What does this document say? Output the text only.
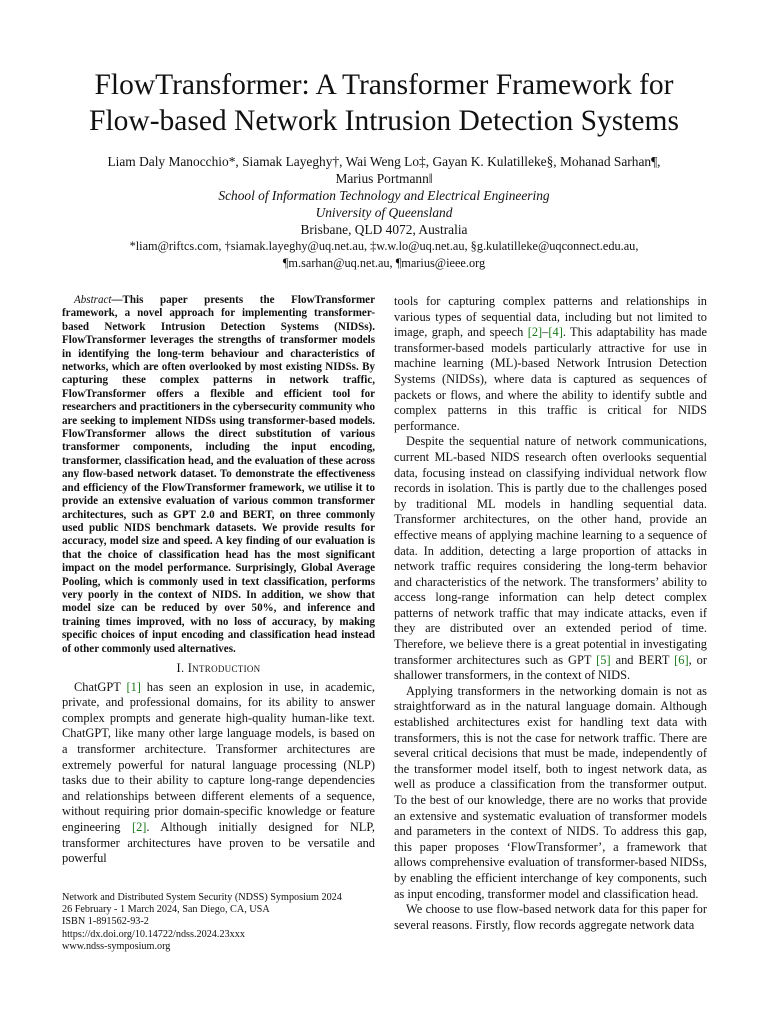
FlowTransformer: A Transformer Framework for
Flow-based Network Intrusion Detection Systems
Liam Daly Manocchio*, Siamak Layeghy†, Wai Weng Lo‡, Gayan K. Kulatilleke§, Mohanad Sarhan¶,
Marius Portmann‖
School of Information Technology and Electrical Engineering
University of Queensland
Brisbane, QLD 4072, Australia
*liam@riftcs.com, †siamak.layeghy@uq.net.au, ‡w.w.lo@uq.net.au, §g.kulatilleke@uqconnect.edu.au,
¶m.sarhan@uq.net.au, ¶marius@ieee.org

Abstract—This paper presents the FlowTransformer framework, a novel approach for implementing transformer-based Network Intrusion Detection Systems (NIDSs). FlowTransformer leverages the strengths of transformer models in identifying the long-term behaviour and characteristics of networks, which are often overlooked by most existing NIDSs. By capturing these complex patterns in network traffic, FlowTransformer offers a flexible and efficient tool for researchers and practitioners in the cybersecurity community who are seeking to implement NIDSs using transformer-based models. FlowTransformer allows the direct substitution of various transformer components, including the input encoding, transformer, classification head, and the evaluation of these across any flow-based network dataset. To demonstrate the effectiveness and efficiency of the FlowTransformer framework, we utilise it to provide an extensive evaluation of various common transformer architectures, such as GPT 2.0 and BERT, on three commonly used public NIDS benchmark datasets. We provide results for accuracy, model size and speed. A key finding of our evaluation is that the choice of classification head has the most significant impact on the model performance. Surprisingly, Global Average Pooling, which is commonly used in text classification, performs very poorly in the context of NIDS. In addition, we show that model size can be reduced by over 50%, and inference and training times improved, with no loss of accuracy, by making specific choices of input encoding and classification head instead of other commonly used alternatives.

I. Introduction

ChatGPT [1] has seen an explosion in use, in academic, private, and professional domains, for its ability to answer complex prompts and generate high-quality human-like text. ChatGPT, like many other large language models, is based on a transformer architecture. Transformer architectures are extremely powerful for natural language processing (NLP) tasks due to their ability to capture long-range dependencies and relationships between different elements of a sequence, without requiring prior domain-specific knowledge or feature engineering [2]. Although initially designed for NLP, transformer architectures have proven to be versatile and powerful

tools for capturing complex patterns and relationships in various types of sequential data, including but not limited to image, graph, and speech [2]–[4]. This adaptability has made transformer-based models particularly attractive for use in machine learning (ML)-based Network Intrusion Detection Systems (NIDSs), where data is captured as sequences of packets or flows, and where the ability to identify subtle and complex patterns in this traffic is critical for NIDS performance.

Despite the sequential nature of network communications, current ML-based NIDS research often overlooks sequential data, focusing instead on classifying individual network flow records in isolation. This is partly due to the challenges posed by traditional ML models in handling sequential data. Transformer architectures, on the other hand, provide an effective means of applying machine learning to a sequence of data. In addition, detecting a large proportion of attacks in network traffic requires considering the long-term behavior and characteristics of the network. The transformers’ ability to access long-range information can help detect complex patterns of network traffic that may indicate attacks, even if they are distributed over an extended period of time. Therefore, we believe there is a great potential in investigating transformer architectures such as GPT [5] and BERT [6], or shallower transformers, in the context of NIDS.

Applying transformers in the networking domain is not as straightforward as in the natural language domain. Although established architectures exist for handling text data with transformers, this is not the case for network traffic. There are several critical decisions that must be made, independently of the transformer model itself, both to ingest network data, as well as produce a classification from the transformer output. To the best of our knowledge, there are no works that provide an extensive and systematic evaluation of transformer models and parameters in the context of NIDS. To address this gap, this paper proposes ‘FlowTransformer’, a framework that allows comprehensive evaluation of transformer-based NIDSs, by enabling the efficient interchange of key components, such as input encoding, transformer model and classification head.

We choose to use flow-based network data for this paper for several reasons. Firstly, flow records aggregate network data

Network and Distributed System Security (NDSS) Symposium 2024
26 February - 1 March 2024, San Diego, CA, USA
ISBN 1-891562-93-2
https://dx.doi.org/10.14722/ndss.2024.23xxx
www.ndss-symposium.org
